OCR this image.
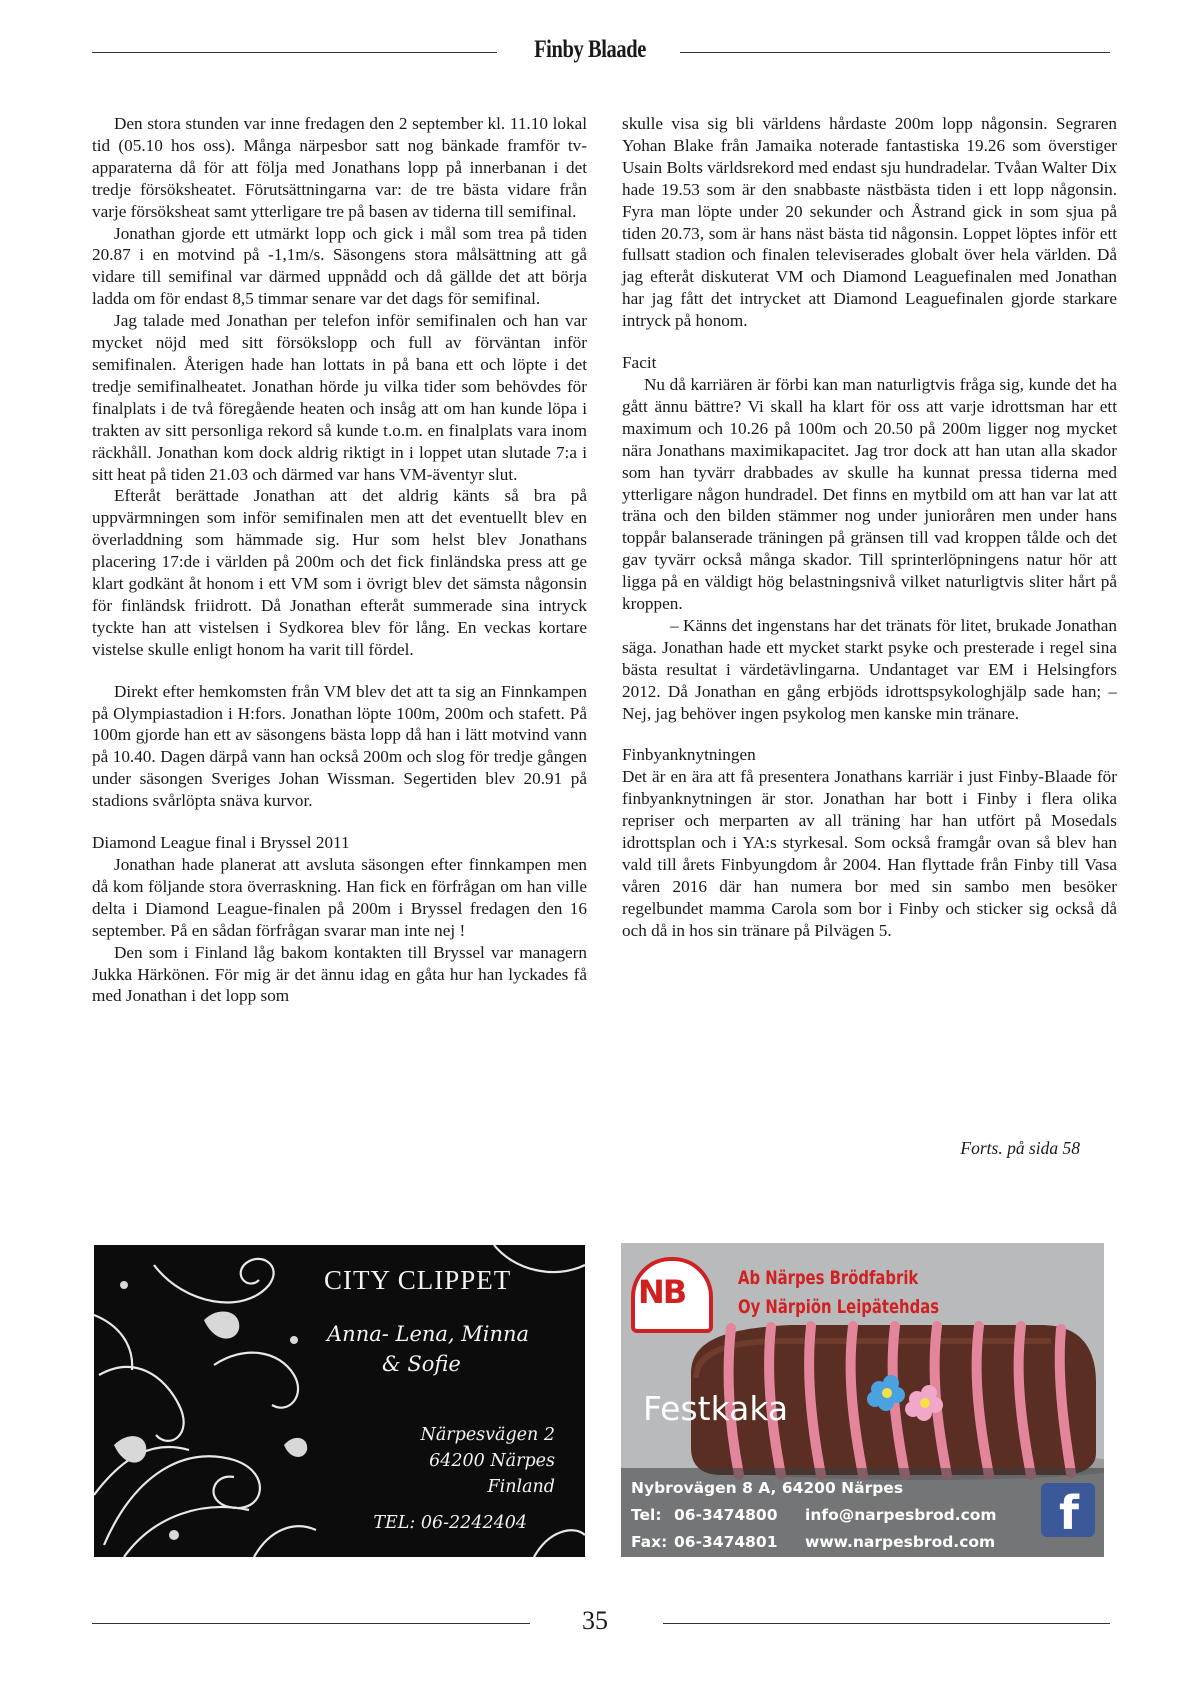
Finby Blaade

Den stora stunden var inne fredagen den 2 september kl. 11.10 lokal tid (05.10 hos oss). Många närpesbor satt nog bänkade framför tv-apparaterna då för att följa med Jonathans lopp på innerbanan i det tredje försöksheatet. Förutsättningarna var: de tre bästa vidare från varje försöksheat samt ytterligare tre på basen av tiderna till semifinal.

Jonathan gjorde ett utmärkt lopp och gick i mål som trea på tiden 20.87 i en motvind på -1,1m/s. Säsongens stora målsättning att gå vidare till semifinal var därmed uppnådd och då gällde det att börja ladda om för endast 8,5 timmar senare var det dags för semifinal.

Jag talade med Jonathan per telefon inför semifinalen och han var mycket nöjd med sitt försökslopp och full av förväntan inför semifinalen. Återigen hade han lottats in på bana ett och löpte i det tredje semifinalheatet. Jonathan hörde ju vilka tider som behövdes för finalplats i de två föregående heaten och insåg att om han kunde löpa i trakten av sitt personliga rekord så kunde t.o.m. en finalplats vara inom räckhåll. Jonathan kom dock aldrig riktigt in i loppet utan slutade 7:a i sitt heat på tiden 21.03 och därmed var hans VM-äventyr slut.

Efteråt berättade Jonathan att det aldrig känts så bra på uppvärmningen som inför semifinalen men att det eventuellt blev en överladdning som hämmade sig. Hur som helst blev Jonathans placering 17:de i världen på 200m och det fick finländska press att ge klart godkänt åt honom i ett VM som i övrigt blev det sämsta någonsin för finländsk friidrott. Då Jonathan efteråt summerade sina intryck tyckte han att vistelsen i Sydkorea blev för lång. En veckas kortare vistelse skulle enligt honom ha varit till fördel.

Direkt efter hemkomsten från VM blev det att ta sig an Finnkampen på Olympiastadion i H:fors. Jonathan löpte 100m, 200m och stafett. På 100m gjorde han ett av säsongens bästa lopp då han i lätt motvind vann på 10.40. Dagen därpå vann han också 200m och slog för tredje gången under säsongen Sveriges Johan Wissman. Segertiden blev 20.91 på stadions svårlöpta snäva kurvor.

Diamond League final i Bryssel 2011

Jonathan hade planerat att avsluta säsongen efter finnkampen men då kom följande stora överraskning. Han fick en förfrågan om han ville delta i Diamond League-finalen på 200m i Bryssel fredagen den 16 september. På en sådan förfrågan svarar man inte nej !

Den som i Finland låg bakom kontakten till Bryssel var managern Jukka Härkönen. För mig är det ännu idag en gåta hur han lyckades få med Jonathan i det lopp som

skulle visa sig bli världens hårdaste 200m lopp någonsin. Segraren Yohan Blake från Jamaika noterade fantastiska 19.26 som överstiger Usain Bolts världsrekord med endast sju hundradelar. Tvåan Walter Dix hade 19.53 som är den snabbaste nästbästa tiden i ett lopp någonsin. Fyra man löpte under 20 sekunder och Åstrand gick in som sjua på tiden 20.73, som är hans näst bästa tid någonsin. Loppet löptes inför ett fullsatt stadion och finalen televiserades globalt över hela världen. Då jag efteråt diskuterat VM och Diamond Leaguefinalen med Jonathan har jag fått det intrycket att Diamond Leaguefinalen gjorde starkare intryck på honom.

Facit

Nu då karriären är förbi kan man naturligtvis fråga sig, kunde det ha gått ännu bättre? Vi skall ha klart för oss att varje idrottsman har ett maximum och 10.26 på 100m och 20.50 på 200m ligger nog mycket nära Jonathans maximikapacitet. Jag tror dock att han utan alla skador som han tyvärr drabbades av skulle ha kunnat pressa tiderna med ytterligare någon hundradel. Det finns en mytbild om att han var lat att träna och den bilden stämmer nog under junioråren men under hans toppår balanserade träningen på gränsen till vad kroppen tålde och det gav tyvärr också många skador. Till sprinterlöpningens natur hör att ligga på en väldigt hög belastningsnivå vilket naturligtvis sliter hårt på kroppen.

– Känns det ingenstans har det tränats för litet, brukade Jonathan säga. Jonathan hade ett mycket starkt psyke och presterade i regel sina bästa resultat i värdetävlingarna. Undantaget var EM i Helsingfors 2012. Då Jonathan en gång erbjöds idrottspsykologhjälp sade han; – Nej, jag behöver ingen psykolog men kanske min tränare.

Finbyanknytningen

Det är en ära att få presentera Jonathans karriär i just Finby-Blaade för finbyanknytningen är stor. Jonathan har bott i Finby i flera olika repriser och merparten av all träning har han utfört på Mosedals idrottsplan och i YA:s styrkesal. Som också framgår ovan så blev han vald till årets Finbyungdom år 2004. Han flyttade från Finby till Vasa våren 2016 där han numera bor med sin sambo men besöker regelbundet mamma Carola som bor i Finby och sticker sig också då och då in hos sin tränare på Pilvägen 5.

Forts. på sida 58
CITY CLIPPET
Anna- Lena, Minna
& Sofie
Närpesvägen 2
64200 Närpes
Finland
TEL: 06-2242404
NB	Ab Närpes Brödfabrik
Oy Närpiön Leipätehdas
Festkaka
Nybrovägen 8 A, 64200 Närpes
Tel: 06-3474800 info@narpesbrod.com
Fax: 06-3474801 www.narpesbrod.com
f
35
